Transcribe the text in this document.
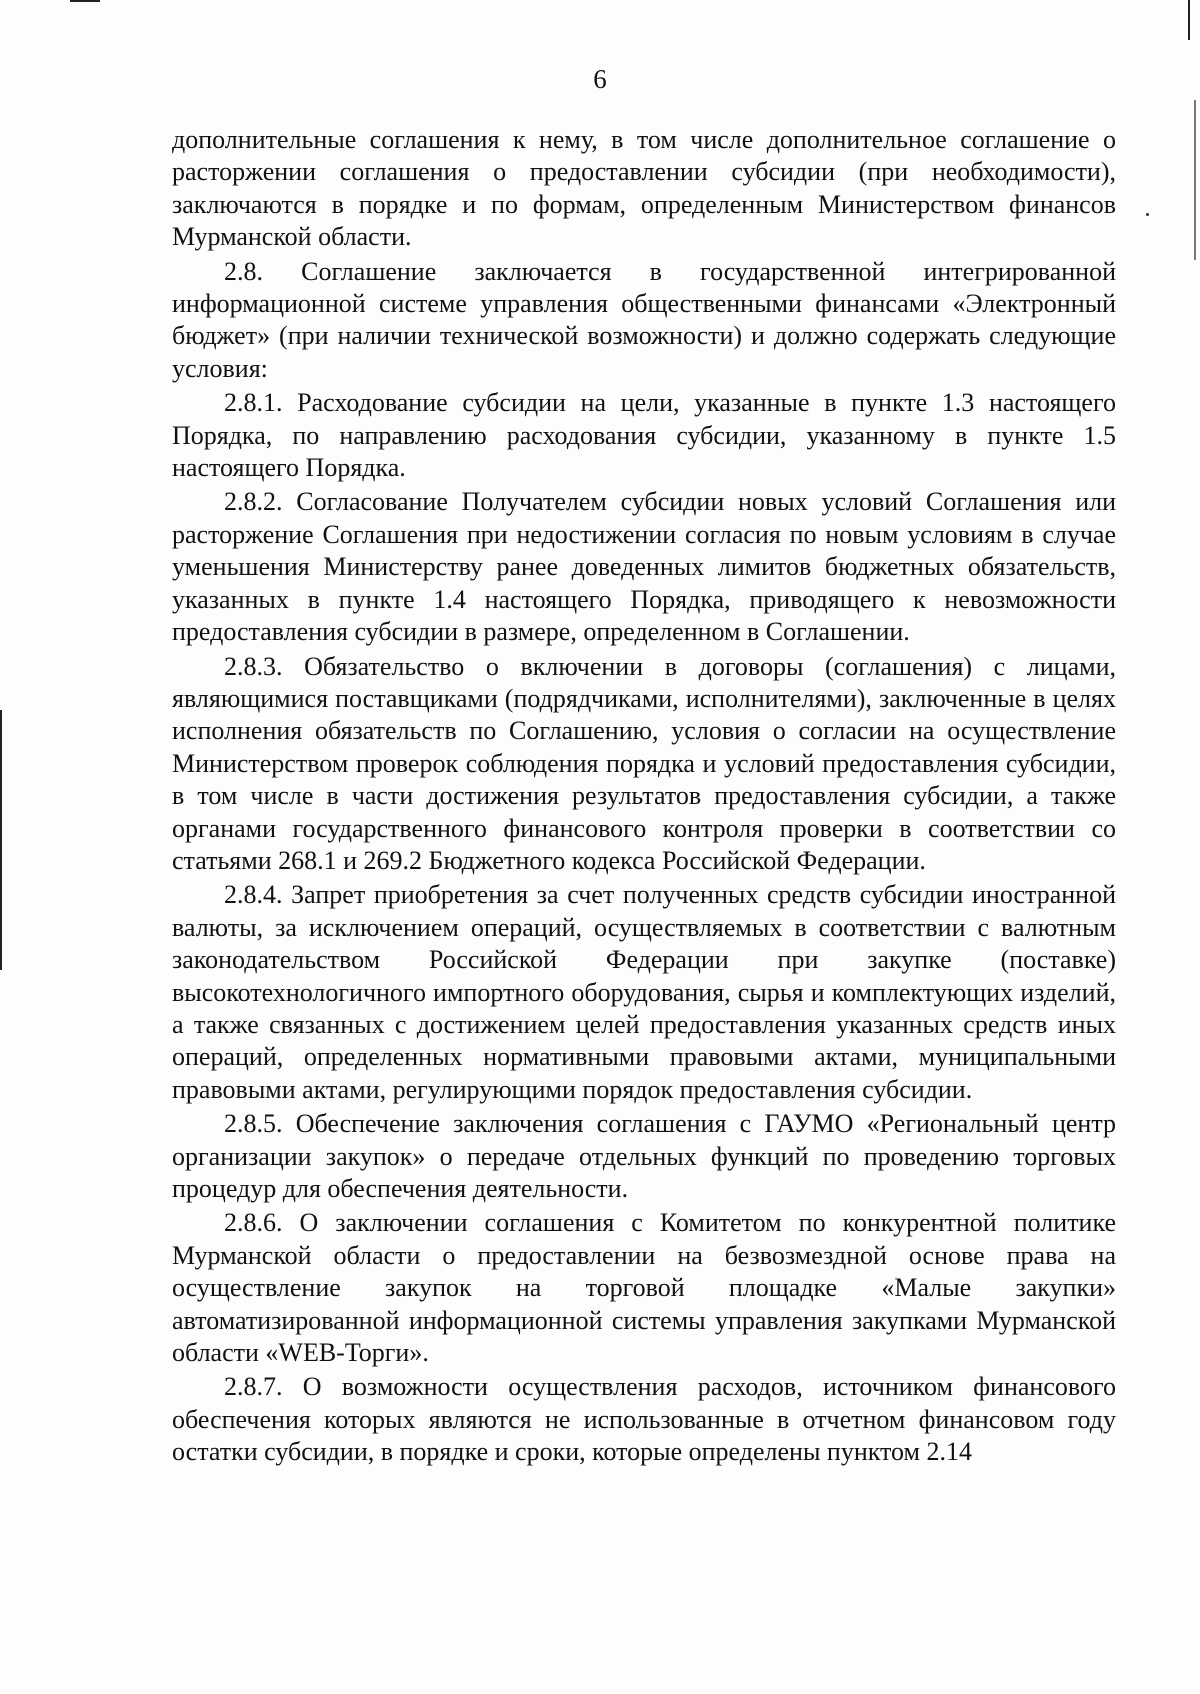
6

дополнительные соглашения к нему, в том числе дополнительное соглашение о расторжении соглашения о предоставлении субсидии (при необходимости), заключаются в порядке и по формам, определенным Министерством финансов Мурманской области.

2.8. Соглашение заключается в государственной интегрированной информационной системе управления общественными финансами «Электронный бюджет» (при наличии технической возможности) и должно содержать следующие условия:

2.8.1. Расходование субсидии на цели, указанные в пункте 1.3 настоящего Порядка, по направлению расходования субсидии, указанному в пункте 1.5 настоящего Порядка.

2.8.2. Согласование Получателем субсидии новых условий Соглашения или расторжение Соглашения при недостижении согласия по новым условиям в случае уменьшения Министерству ранее доведенных лимитов бюджетных обязательств, указанных в пункте 1.4 настоящего Порядка, приводящего к невозможности предоставления субсидии в размере, определенном в Соглашении.

2.8.3. Обязательство о включении в договоры (соглашения) с лицами, являющимися поставщиками (подрядчиками, исполнителями), заключенные в целях исполнения обязательств по Соглашению, условия о согласии на осуществление Министерством проверок соблюдения порядка и условий предоставления субсидии, в том числе в части достижения результатов предоставления субсидии, а также органами государственного финансового контроля проверки в соответствии со статьями 268.1 и 269.2 Бюджетного кодекса Российской Федерации.

2.8.4. Запрет приобретения за счет полученных средств субсидии иностранной валюты, за исключением операций, осуществляемых в соответствии с валютным законодательством Российской Федерации при закупке (поставке) высокотехнологичного импортного оборудования, сырья и комплектующих изделий, а также связанных с достижением целей предоставления указанных средств иных операций, определенных нормативными правовыми актами, муниципальными правовыми актами, регулирующими порядок предоставления субсидии.

2.8.5. Обеспечение заключения соглашения с ГАУМО «Региональный центр организации закупок» о передаче отдельных функций по проведению торговых процедур для обеспечения деятельности.

2.8.6. О заключении соглашения с Комитетом по конкурентной политике Мурманской области о предоставлении на безвозмездной основе права на осуществление закупок на торговой площадке «Малые закупки» автоматизированной информационной системы управления закупками Мурманской области «WEB-Торги».

2.8.7. О возможности осуществления расходов, источником финансового обеспечения которых являются не использованные в отчетном финансовом году остатки субсидии, в порядке и сроки, которые определены пунктом 2.14
